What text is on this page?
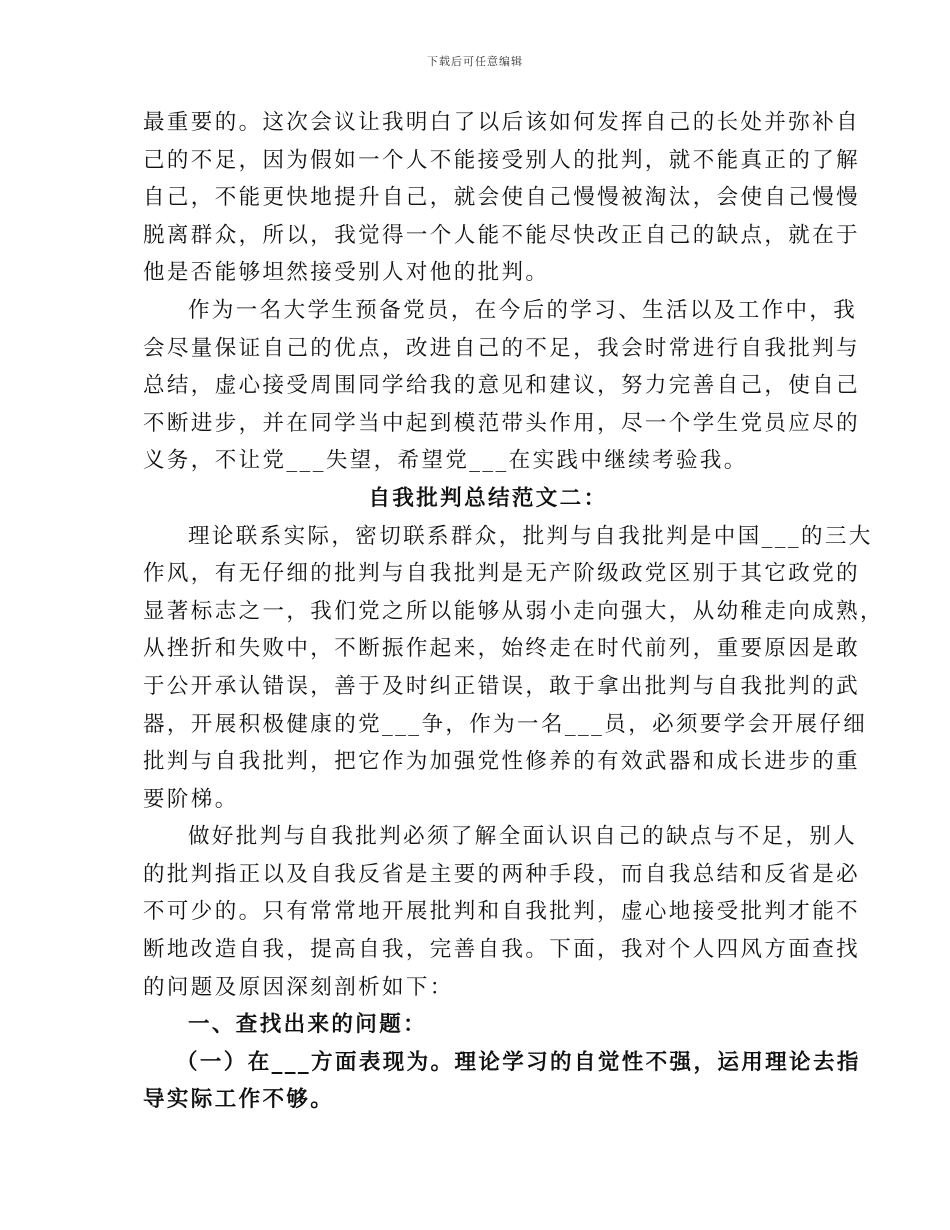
下载后可任意编辑
最重要的。这次会议让我明白了以后该如何发挥自己的长处并弥补自
己的不足，因为假如一个人不能接受别人的批判，就不能真正的了解
自己，不能更快地提升自己，就会使自己慢慢被淘汰，会使自己慢慢
脱离群众，所以，我觉得一个人能不能尽快改正自己的缺点，就在于
他是否能够坦然接受别人对他的批判。
作为一名大学生预备党员，在今后的学习、生活以及工作中，我
会尽量保证自己的优点，改进自己的不足，我会时常进行自我批判与
总结，虚心接受周围同学给我的意见和建议，努力完善自己，使自己
不断进步，并在同学当中起到模范带头作用，尽一个学生党员应尽的
义务，不让党___失望，希望党___在实践中继续考验我。
自我批判总结范文二：
理论联系实际，密切联系群众，批判与自我批判是中国___的三大
作风，有无仔细的批判与自我批判是无产阶级政党区别于其它政党的
显著标志之一，我们党之所以能够从弱小走向强大，从幼稚走向成熟，
从挫折和失败中，不断振作起来，始终走在时代前列，重要原因是敢
于公开承认错误，善于及时纠正错误，敢于拿出批判与自我批判的武
器，开展积极健康的党___争，作为一名___员，必须要学会开展仔细
批判与自我批判，把它作为加强党性修养的有效武器和成长进步的重
要阶梯。
做好批判与自我批判必须了解全面认识自己的缺点与不足，别人
的批判指正以及自我反省是主要的两种手段，而自我总结和反省是必
不可少的。只有常常地开展批判和自我批判，虚心地接受批判才能不
断地改造自我，提高自我，完善自我。下面，我对个人四风方面查找
的问题及原因深刻剖析如下：
一、查找出来的问题：
（一）在___方面表现为。理论学习的自觉性不强，运用理论去指
导实际工作不够。
